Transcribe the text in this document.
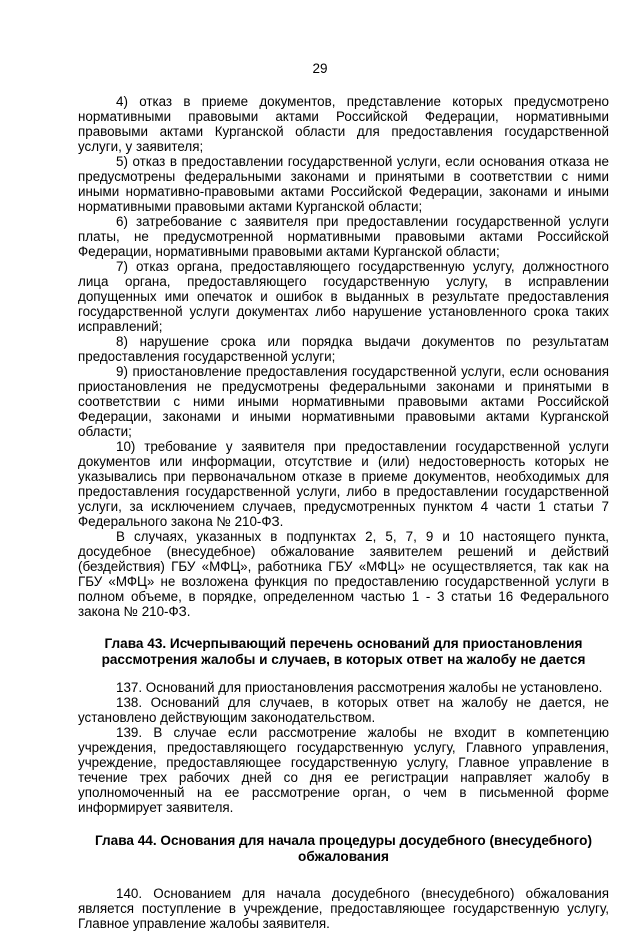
29

4) отказ в приеме документов, представление которых предусмотрено нормативными правовыми актами Российской Федерации, нормативными правовыми актами Курганской области для предоставления государственной услуги, у заявителя;

5) отказ в предоставлении государственной услуги, если основания отказа не предусмотрены федеральными законами и принятыми в соответствии с ними иными нормативно-правовыми актами Российской Федерации, законами и иными нормативными правовыми актами Курганской области;

6) затребование с заявителя при предоставлении государственной услуги платы, не предусмотренной нормативными правовыми актами Российской Федерации, нормативными правовыми актами Курганской области;

7) отказ органа, предоставляющего государственную услугу, должностного лица органа, предоставляющего государственную услугу, в исправлении допущенных ими опечаток и ошибок в выданных в результате предоставления государственной услуги документах либо нарушение установленного срока таких исправлений;

8) нарушение срока или порядка выдачи документов по результатам предоставления государственной услуги;

9) приостановление предоставления государственной услуги, если основания приостановления не предусмотрены федеральными законами и принятыми в соответствии с ними иными нормативными правовыми актами Российской Федерации, законами и иными нормативными правовыми актами Курганской области;

10) требование у заявителя при предоставлении государственной услуги документов или информации, отсутствие и (или) недостоверность которых не указывались при первоначальном отказе в приеме документов, необходимых для предоставления государственной услуги, либо в предоставлении государственной услуги, за исключением случаев, предусмотренных пунктом 4 части 1 статьи 7 Федерального закона № 210-ФЗ.

В случаях, указанных в подпунктах 2, 5, 7, 9 и 10 настоящего пункта, досудебное (внесудебное) обжалование заявителем решений и действий (бездействия) ГБУ «МФЦ», работника ГБУ «МФЦ» не осуществляется, так как на ГБУ «МФЦ» не возложена функция по предоставлению государственной услуги в полном объеме, в порядке, определенном частью 1 - 3 статьи 16 Федерального закона № 210-ФЗ.

Глава 43. Исчерпывающий перечень оснований для приостановления рассмотрения жалобы и случаев, в которых ответ на жалобу не дается

137. Оснований для приостановления рассмотрения жалобы не установлено.

138. Оснований для случаев, в которых ответ на жалобу не дается, не установлено действующим законодательством.

139. В случае если рассмотрение жалобы не входит в компетенцию учреждения, предоставляющего государственную услугу, Главного управления, учреждение, предоставляющее государственную услугу, Главное управление в течение трех рабочих дней со дня ее регистрации направляет жалобу в уполномоченный на ее рассмотрение орган, о чем в письменной форме информирует заявителя.

Глава 44. Основания для начала процедуры досудебного (внесудебного) обжалования

140. Основанием для начала досудебного (внесудебного) обжалования является поступление в учреждение, предоставляющее государственную услугу, Главное управление жалобы заявителя.
